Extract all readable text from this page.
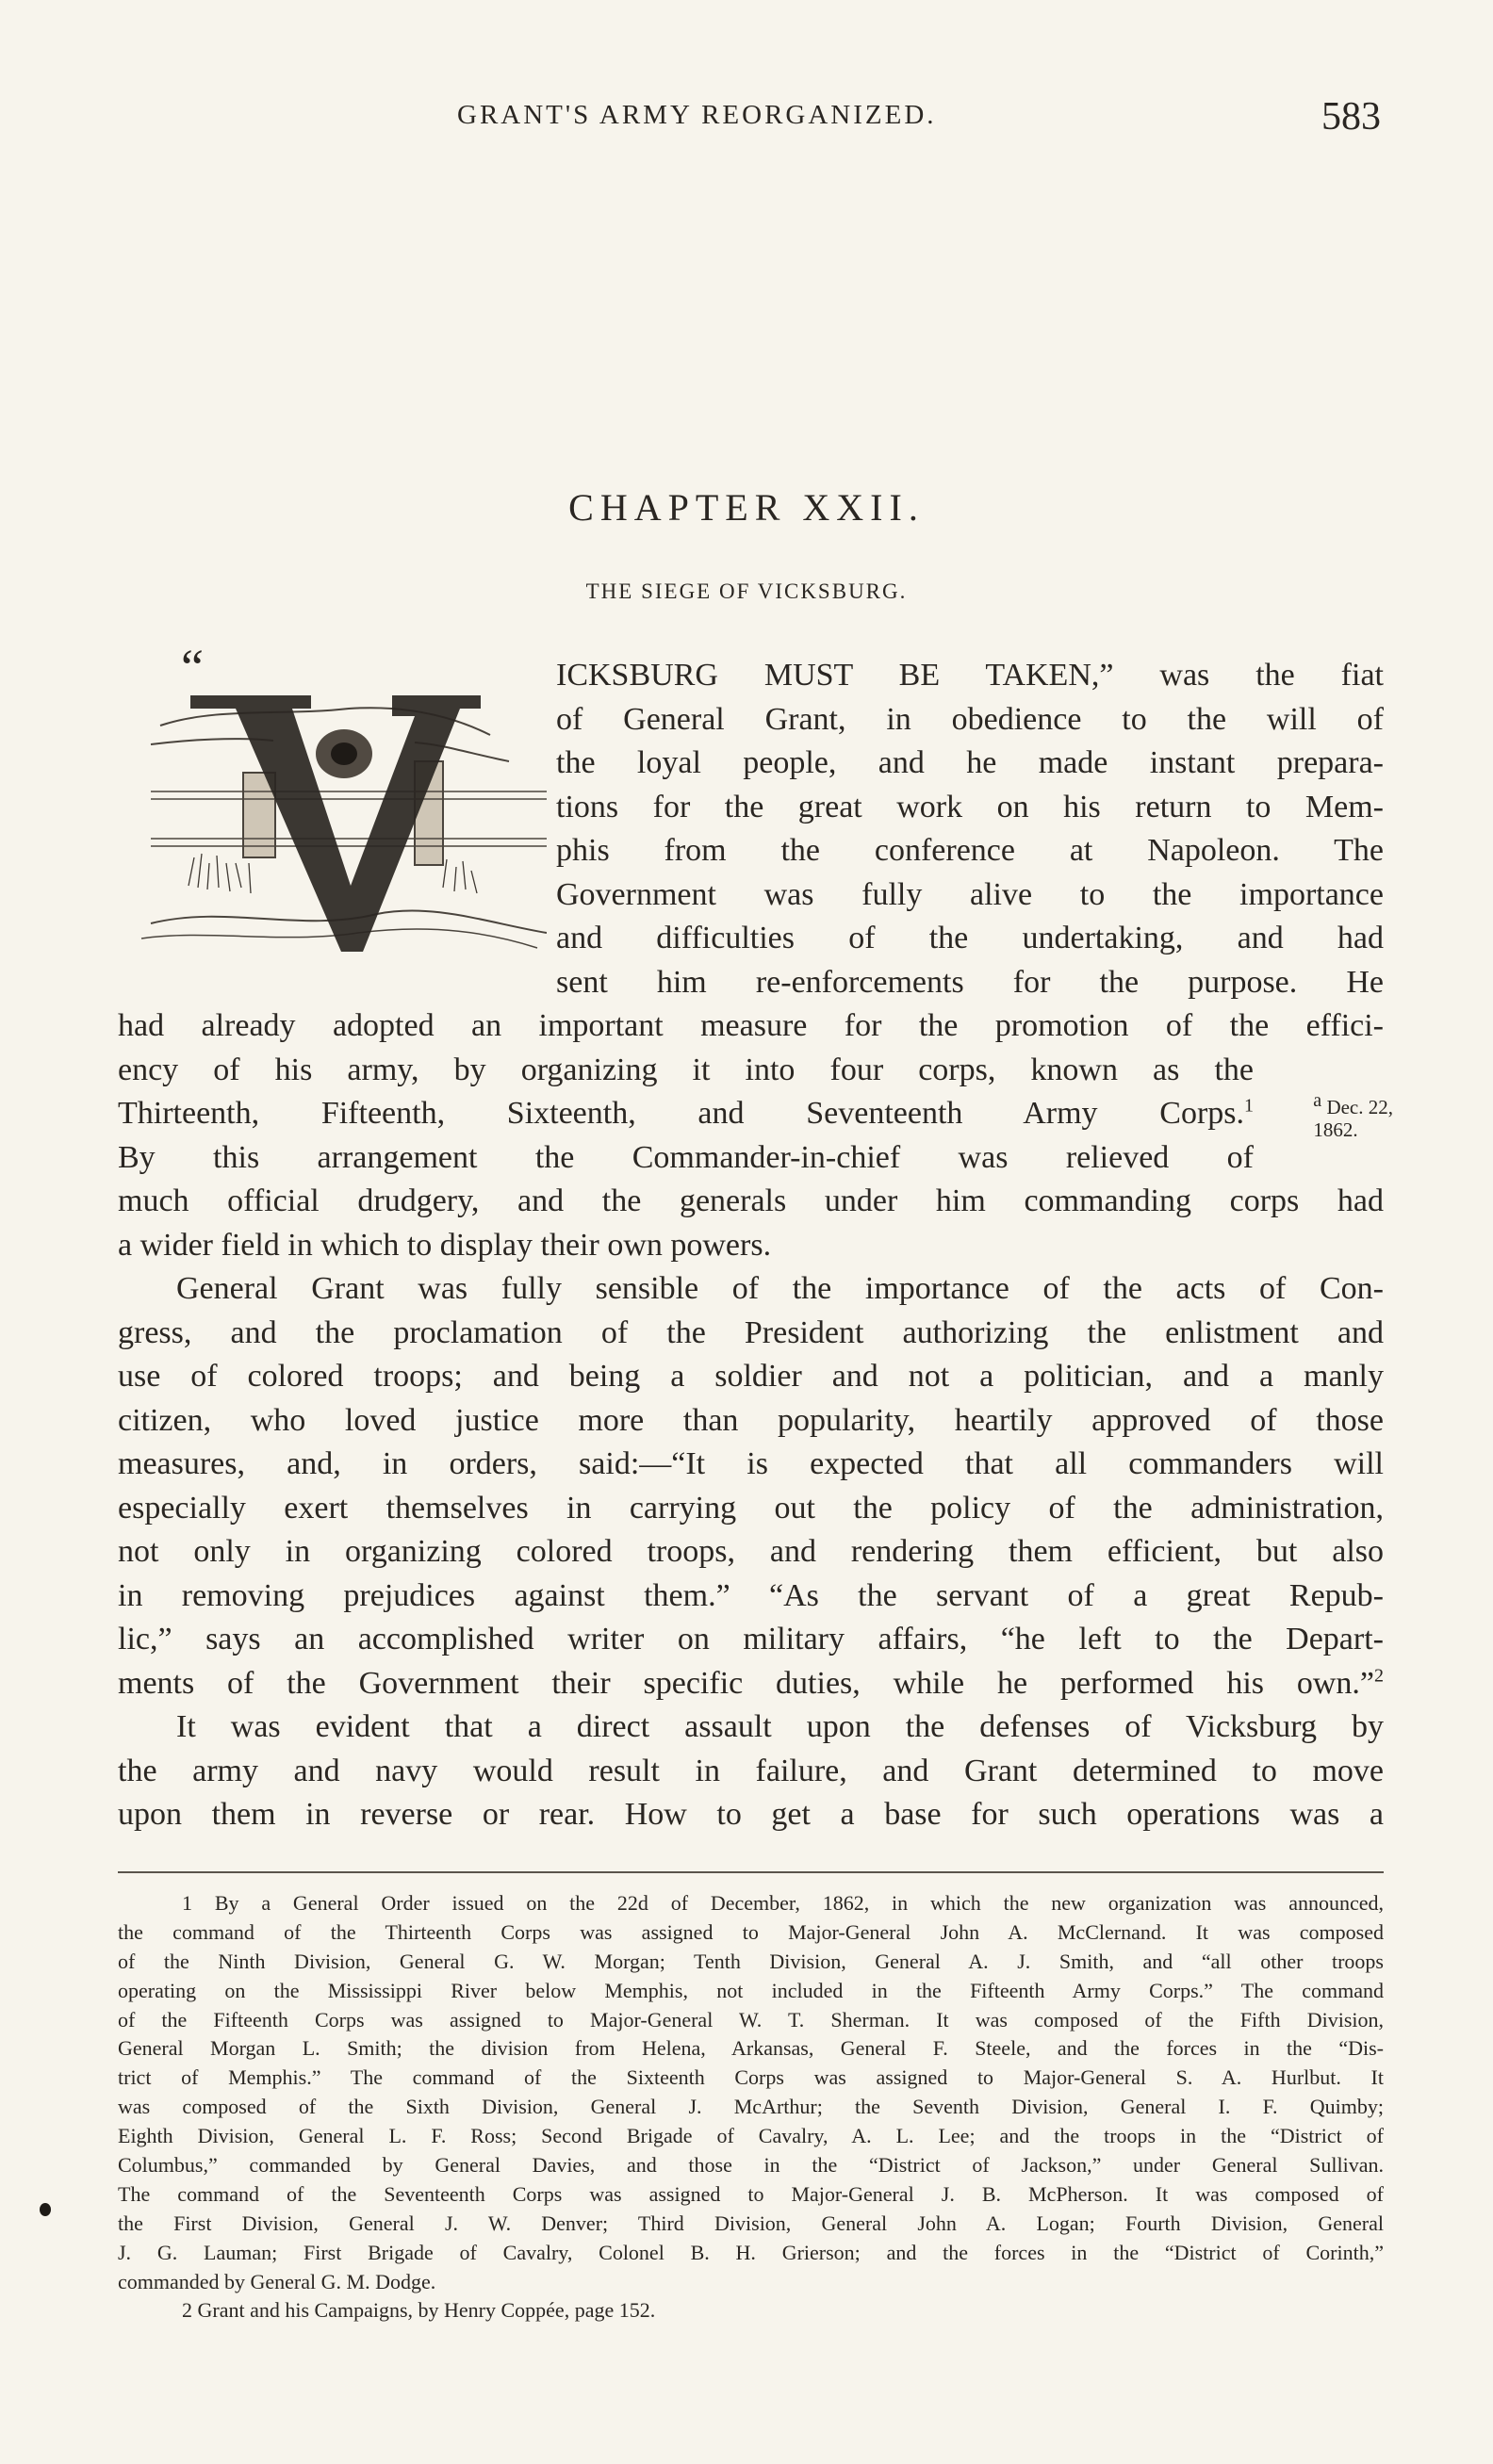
GRANT'S ARMY REORGANIZED.	583
CHAPTER XXII.
THE SIEGE OF VICKSBURG.
“
V
ICKSBURG MUST BE TAKEN,” was the fiat
of General Grant, in obedience to the will of
the loyal people, and he made instant prepara-
tions for the great work on his return to Mem-
phis from the conference at Napoleon. The
Government was fully alive to the importance
and difficulties of the undertaking, and had
sent him re-enforcements for the purpose. He
had already adopted an important measure for the promotion of the effici-
ency of his army, by organizing it into four corps, known as the
Thirteenth, Fifteenth, Sixteenth, and Seventeenth Army Corps.$^1$
By this arrangement the Commander-in-chief was relieved of
much official drudgery, and the generals under him commanding corps had
a wider field in which to display their own powers.
General Grant was fully sensible of the importance of the acts of Con-
gress, and the proclamation of the President authorizing the enlistment and
use of colored troops; and being a soldier and not a politician, and a manly
citizen, who loved justice more than popularity, heartily approved of those
measures, and, in orders, said:—“It is expected that all commanders will
especially exert themselves in carrying out the policy of the administration,
not only in organizing colored troops, and rendering them efficient, but also
in removing prejudices against them.” “As the servant of a great Repub-
lic,” says an accomplished writer on military affairs, “he left to the Depart-
ments of the Government their specific duties, while he performed his own.”$^2$
It was evident that a direct assault upon the defenses of Vicksburg by
the army and navy would result in failure, and Grant determined to move
upon them in reverse or rear. How to get a base for such operations was a
a Dec. 22,
1862.
1 By a General Order issued on the 22d of December, 1862, in which the new organization was announced,
the command of the Thirteenth Corps was assigned to Major-General John A. McClernand. It was composed
of the Ninth Division, General G. W. Morgan; Tenth Division, General A. J. Smith, and “all other troops
operating on the Mississippi River below Memphis, not included in the Fifteenth Army Corps.” The command
of the Fifteenth Corps was assigned to Major-General W. T. Sherman. It was composed of the Fifth Division,
General Morgan L. Smith; the division from Helena, Arkansas, General F. Steele, and the forces in the “Dis-
trict of Memphis.” The command of the Sixteenth Corps was assigned to Major-General S. A. Hurlbut. It
was composed of the Sixth Division, General J. McArthur; the Seventh Division, General I. F. Quimby;
Eighth Division, General L. F. Ross; Second Brigade of Cavalry, A. L. Lee; and the troops in the “District of
Columbus,” commanded by General Davies, and those in the “District of Jackson,” under General Sullivan.
The command of the Seventeenth Corps was assigned to Major-General J. B. McPherson. It was composed of
the First Division, General J. W. Denver; Third Division, General John A. Logan; Fourth Division, General
J. G. Lauman; First Brigade of Cavalry, Colonel B. H. Grierson; and the forces in the “District of Corinth,”
commanded by General G. M. Dodge.
2 Grant and his Campaigns, by Henry Coppée, page 152.
